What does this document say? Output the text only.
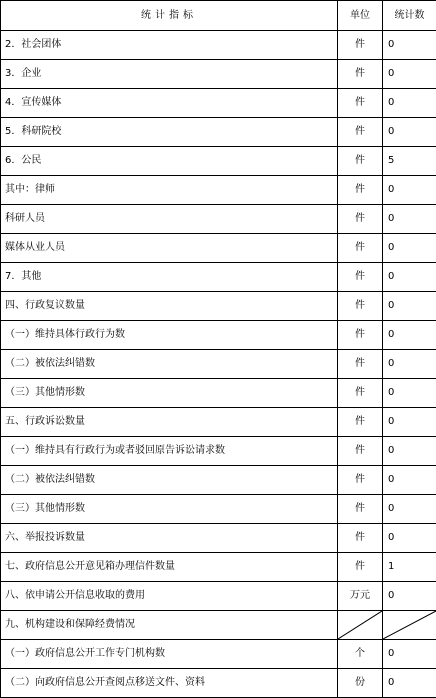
统计指标	单位	统计数
2．社会团体	件	0
3．企业	件	0
4．宣传媒体	件	0
5．科研院校	件	0
6．公民	件	5
其中：律师	件	0
科研人员	件	0
媒体从业人员	件	0
7．其他	件	0
四、行政复议数量	件	0
（一）维持具体行政行为数	件	0
（二）被依法纠错数	件	0
（三）其他情形数	件	0
五、行政诉讼数量	件	0
（一）维持具有行政行为或者驳回原告诉讼请求数	件	0
（二）被依法纠错数	件	0
（三）其他情形数	件	0
六、举报投诉数量	件	0
七、政府信息公开意见箱办理信件数量	件	1
八、依申请公开信息收取的费用	万元	0
九、机构建设和保障经费情况	

（一）政府信息公开工作专门机构数	个	0
（二）向政府信息公开查阅点移送文件、资料	份	0
